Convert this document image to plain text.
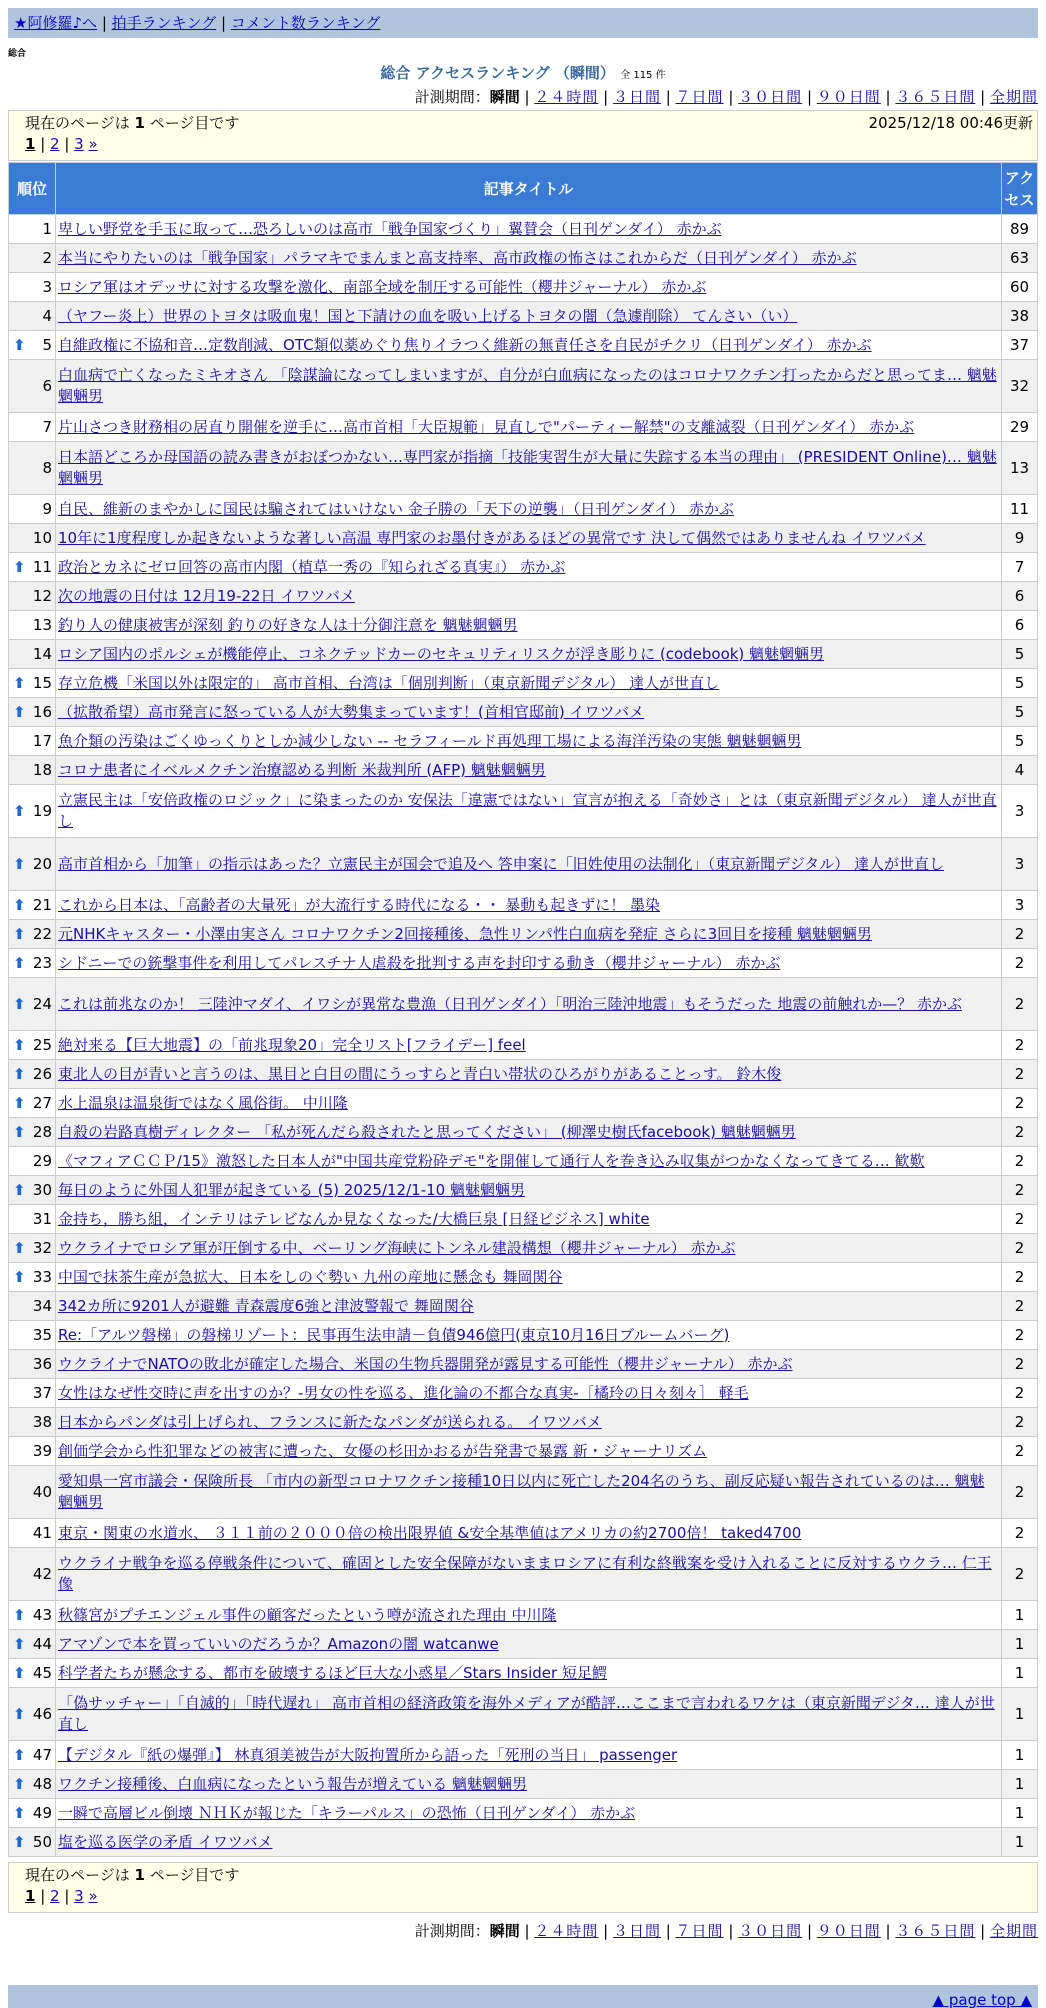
★阿修羅♪へ | 拍手ランキング | コメント数ランキング
総合
総合 アクセスランキング （瞬間） 全 115 件
計測期間：瞬間 | ２４時間 | ３日間 | ７日間 | ３０日間 | ９０日間 | ３６５日間 | 全期間
現在のページは 1 ページ目です	2025/12/18 00:46更新
1 | 2 | 3 »
順位	記事タイトル	アクセス
1	卑しい野党を手玉に取って…恐ろしいのは高市「戦争国家づくり」翼賛会（日刊ゲンダイ） 赤かぶ	89
2	本当にやりたいのは「戦争国家」パラマキでまんまと高支持率、高市政権の怖さはこれからだ（日刊ゲンダイ） 赤かぶ	63
3	ロシア軍はオデッサに対する攻撃を激化、南部全域を制圧する可能性（櫻井ジャーナル） 赤かぶ	60
4	（ヤフー炎上）世界のトヨタは吸血鬼！国と下請けの血を吸い上げるトヨタの闇（急遽削除） てんさい（い）	38

⬆ 5	自維政権に不協和音…定数削減、OTC類似薬めぐり焦りイラつく維新の無責任さを自民がチクリ（日刊ゲンダイ） 赤かぶ	37
6	白血病で亡くなったミキオさん 「陰謀論になってしまいますが、自分が白血病になったのはコロナワクチン打ったからだと思ってま… 魑魅魍魎男	32
7	片山さつき財務相の居直り開催を逆手に…高市首相「大臣規範」見直しで"パーティー解禁"の支離滅裂（日刊ゲンダイ） 赤かぶ	29
8	日本語どころか母国語の読み書きがおぼつかない…専門家が指摘「技能実習生が大量に失踪する本当の理由」 (PRESIDENT Online)… 魑魅魍魎男	13
9	自民、維新のまやかしに国民は騙されてはいけない 金子勝の「天下の逆襲」（日刊ゲンダイ） 赤かぶ	11
10	10年に1度程度しか起きないような著しい高温 専門家のお墨付きがあるほどの異常です 決して偶然ではありませんね イワツバメ	9

⬆ 11	政治とカネにゼロ回答の高市内閣（植草一秀の『知られざる真実』） 赤かぶ	7
12	次の地震の日付は 12月19-22日 イワツバメ	6
13	釣り人の健康被害が深刻 釣りの好きな人は十分御注意を 魑魅魍魎男	6
14	ロシア国内のポルシェが機能停止、コネクテッドカーのセキュリティリスクが浮き彫りに (codebook) 魑魅魍魎男	5

⬆ 15	存立危機「米国以外は限定的」 高市首相、台湾は「個別判断」（東京新聞デジタル） 達人が世直し	5

⬆ 16	（拡散希望）高市発言に怒っている人が大勢集まっています！(首相官邸前) イワツバメ	5
17	魚介類の汚染はごくゆっくりとしか減少しない -- セラフィールド再処理工場による海洋汚染の実態 魑魅魍魎男	5
18	コロナ患者にイベルメクチン治療認める判断 米裁判所 (AFP) 魑魅魍魎男	4

⬆ 19	立憲民主は「安倍政権のロジック」に染まったのか 安保法「違憲ではない」宣言が抱える「奇妙さ」とは（東京新聞デジタル） 達人が世直し	3

⬆ 20	高市首相から「加筆」の指示はあった？立憲民主が国会で追及へ 答申案に「旧姓使用の法制化」（東京新聞デジタル） 達人が世直し	3

⬆ 21	これから日本は、「高齢者の大量死」が大流行する時代になる・・ 暴動も起きずに！ 墨染	3

⬆ 22	元NHKキャスター・小澤由実さん コロナワクチン2回接種後、急性リンパ性白血病を発症 さらに3回目を接種 魑魅魍魎男	2

⬆ 23	シドニーでの銃撃事件を利用してパレスチナ人虐殺を批判する声を封印する動き（櫻井ジャーナル） 赤かぶ	2

⬆ 24	これは前兆なのか！ 三陸沖マダイ、イワシが異常な豊漁（日刊ゲンダイ）「明治三陸沖地震」もそうだった 地震の前触れか—？ 赤かぶ	2

⬆ 25	絶対来る【巨大地震】の「前兆現象20」完全リスト[フライデー] feel	2

⬆ 26	東北人の目が青いと言うのは、黒目と白目の間にうっすらと青白い帯状のひろがりがあることっす。 鈴木俊	2

⬆ 27	水上温泉は温泉街ではなく風俗街。 中川隆	2

⬆ 28	自殺の岩路真樹ディレクター 「私が死んだら殺されたと思ってください」 (柳澤史樹氏facebook) 魑魅魍魎男	2
29	《マフィアＣＣＰ/15》激怒した日本人が"中国共産党粉砕デモ"を開催して通行人を巻き込み収集がつかなくなってきてる… 歓歎	2

⬆ 30	毎日のように外国人犯罪が起きている (5) 2025/12/1-10 魑魅魍魎男	2
31	金持ち，勝ち組，インテリはテレビなんか見なくなった/大橋巨泉 [日経ビジネス] white	2

⬆ 32	ウクライナでロシア軍が圧倒する中、ベーリング海峡にトンネル建設構想（櫻井ジャーナル） 赤かぶ	2

⬆ 33	中国で抹茶生産が急拡大、日本をしのぐ勢い 九州の産地に懸念も 舞岡関谷	2
34	342カ所に9201人が避難 青森震度6強と津波警報で 舞岡関谷	2
35	Re:「アルツ磐梯」の磐梯リゾート：民事再生法申請－負債946億円(東京10月16日ブルームバーグ)	2
36	ウクライナでNATOの敗北が確定した場合、米国の生物兵器開発が露見する可能性（櫻井ジャーナル） 赤かぶ	2
37	女性はなぜ性交時に声を出すのか？-男女の性を巡る、進化論の不都合な真実-［橘玲の日々刻々］ 軽毛	2
38	日本からパンダは引上げられ、フランスに新たなパンダが送られる。 イワツバメ	2
39	創価学会から性犯罪などの被害に遭った、女優の杉田かおるが告発書で暴露 新・ジャーナリズム	2
40	愛知県一宮市議会・保険所長 「市内の新型コロナワクチン接種10日以内に死亡した204名のうち、副反応疑い報告されているのは… 魑魅魍魎男	2
41	東京・関東の水道水、 ３１１前の２０００倍の検出限界値 &安全基準値はアメリカの約2700倍！ taked4700	2
42	ウクライナ戦争を巡る停戦条件について、確固とした安全保障がないままロシアに有利な終戦案を受け入れることに反対するウクラ… 仁王像	2

⬆ 43	秋篠宮がプチエンジェル事件の顧客だったという噂が流された理由 中川隆	1

⬆ 44	アマゾンで本を買っていいのだろうか？Amazonの闇 watcanwe	1

⬆ 45	科学者たちが懸念する、都市を破壊するほど巨大な小惑星／Stars Insider 短足鰐	1

⬆ 46	「偽サッチャー」「自滅的」「時代遅れ」 高市首相の経済政策を海外メディアが酷評…ここまで言われるワケは（東京新聞デジタ… 達人が世直し	1

⬆ 47	【デジタル『紙の爆弾』】 林真須美被告が大阪拘置所から語った「死刑の当日」 passenger	1

⬆ 48	ワクチン接種後、白血病になったという報告が増えている 魑魅魍魎男	1

⬆ 49	一瞬で高層ビル倒壊 ＮＨＫが報じた「キラーパルス」の恐怖（日刊ゲンダイ） 赤かぶ	1

⬆ 50	塩を巡る医学の矛盾 イワツバメ	1
現在のページは 1 ページ目です
1 | 2 | 3 »
計測期間：瞬間 | ２４時間 | ３日間 | ７日間 | ３０日間 | ９０日間 | ３６５日間 | 全期間
▲ page top ▲
